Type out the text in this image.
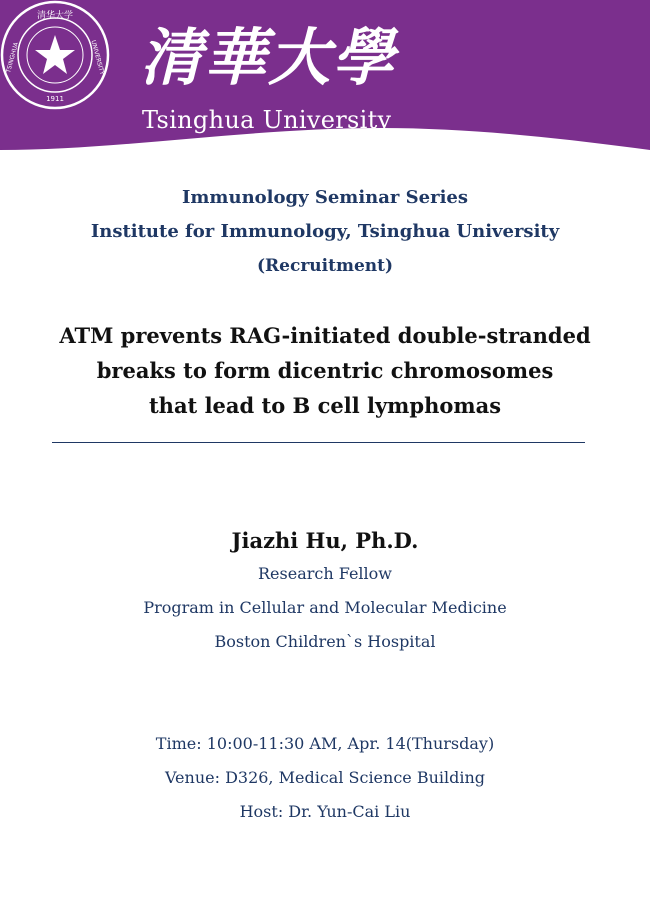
清华大学
TSINGHUA	UNIVERSITY
1911
清華大學
Tsinghua University
Immunology Seminar Series
Institute for Immunology, Tsinghua University
(Recruitment)
ATM prevents RAG-initiated double-stranded
breaks to form dicentric chromosomes
that lead to B cell lymphomas
Jiazhi Hu, Ph.D.
Research Fellow
Program in Cellular and Molecular Medicine
Boston Children`s Hospital
Time: 10:00-11:30 AM, Apr. 14(Thursday)
Venue: D326, Medical Science Building
Host: Dr. Yun-Cai Liu
